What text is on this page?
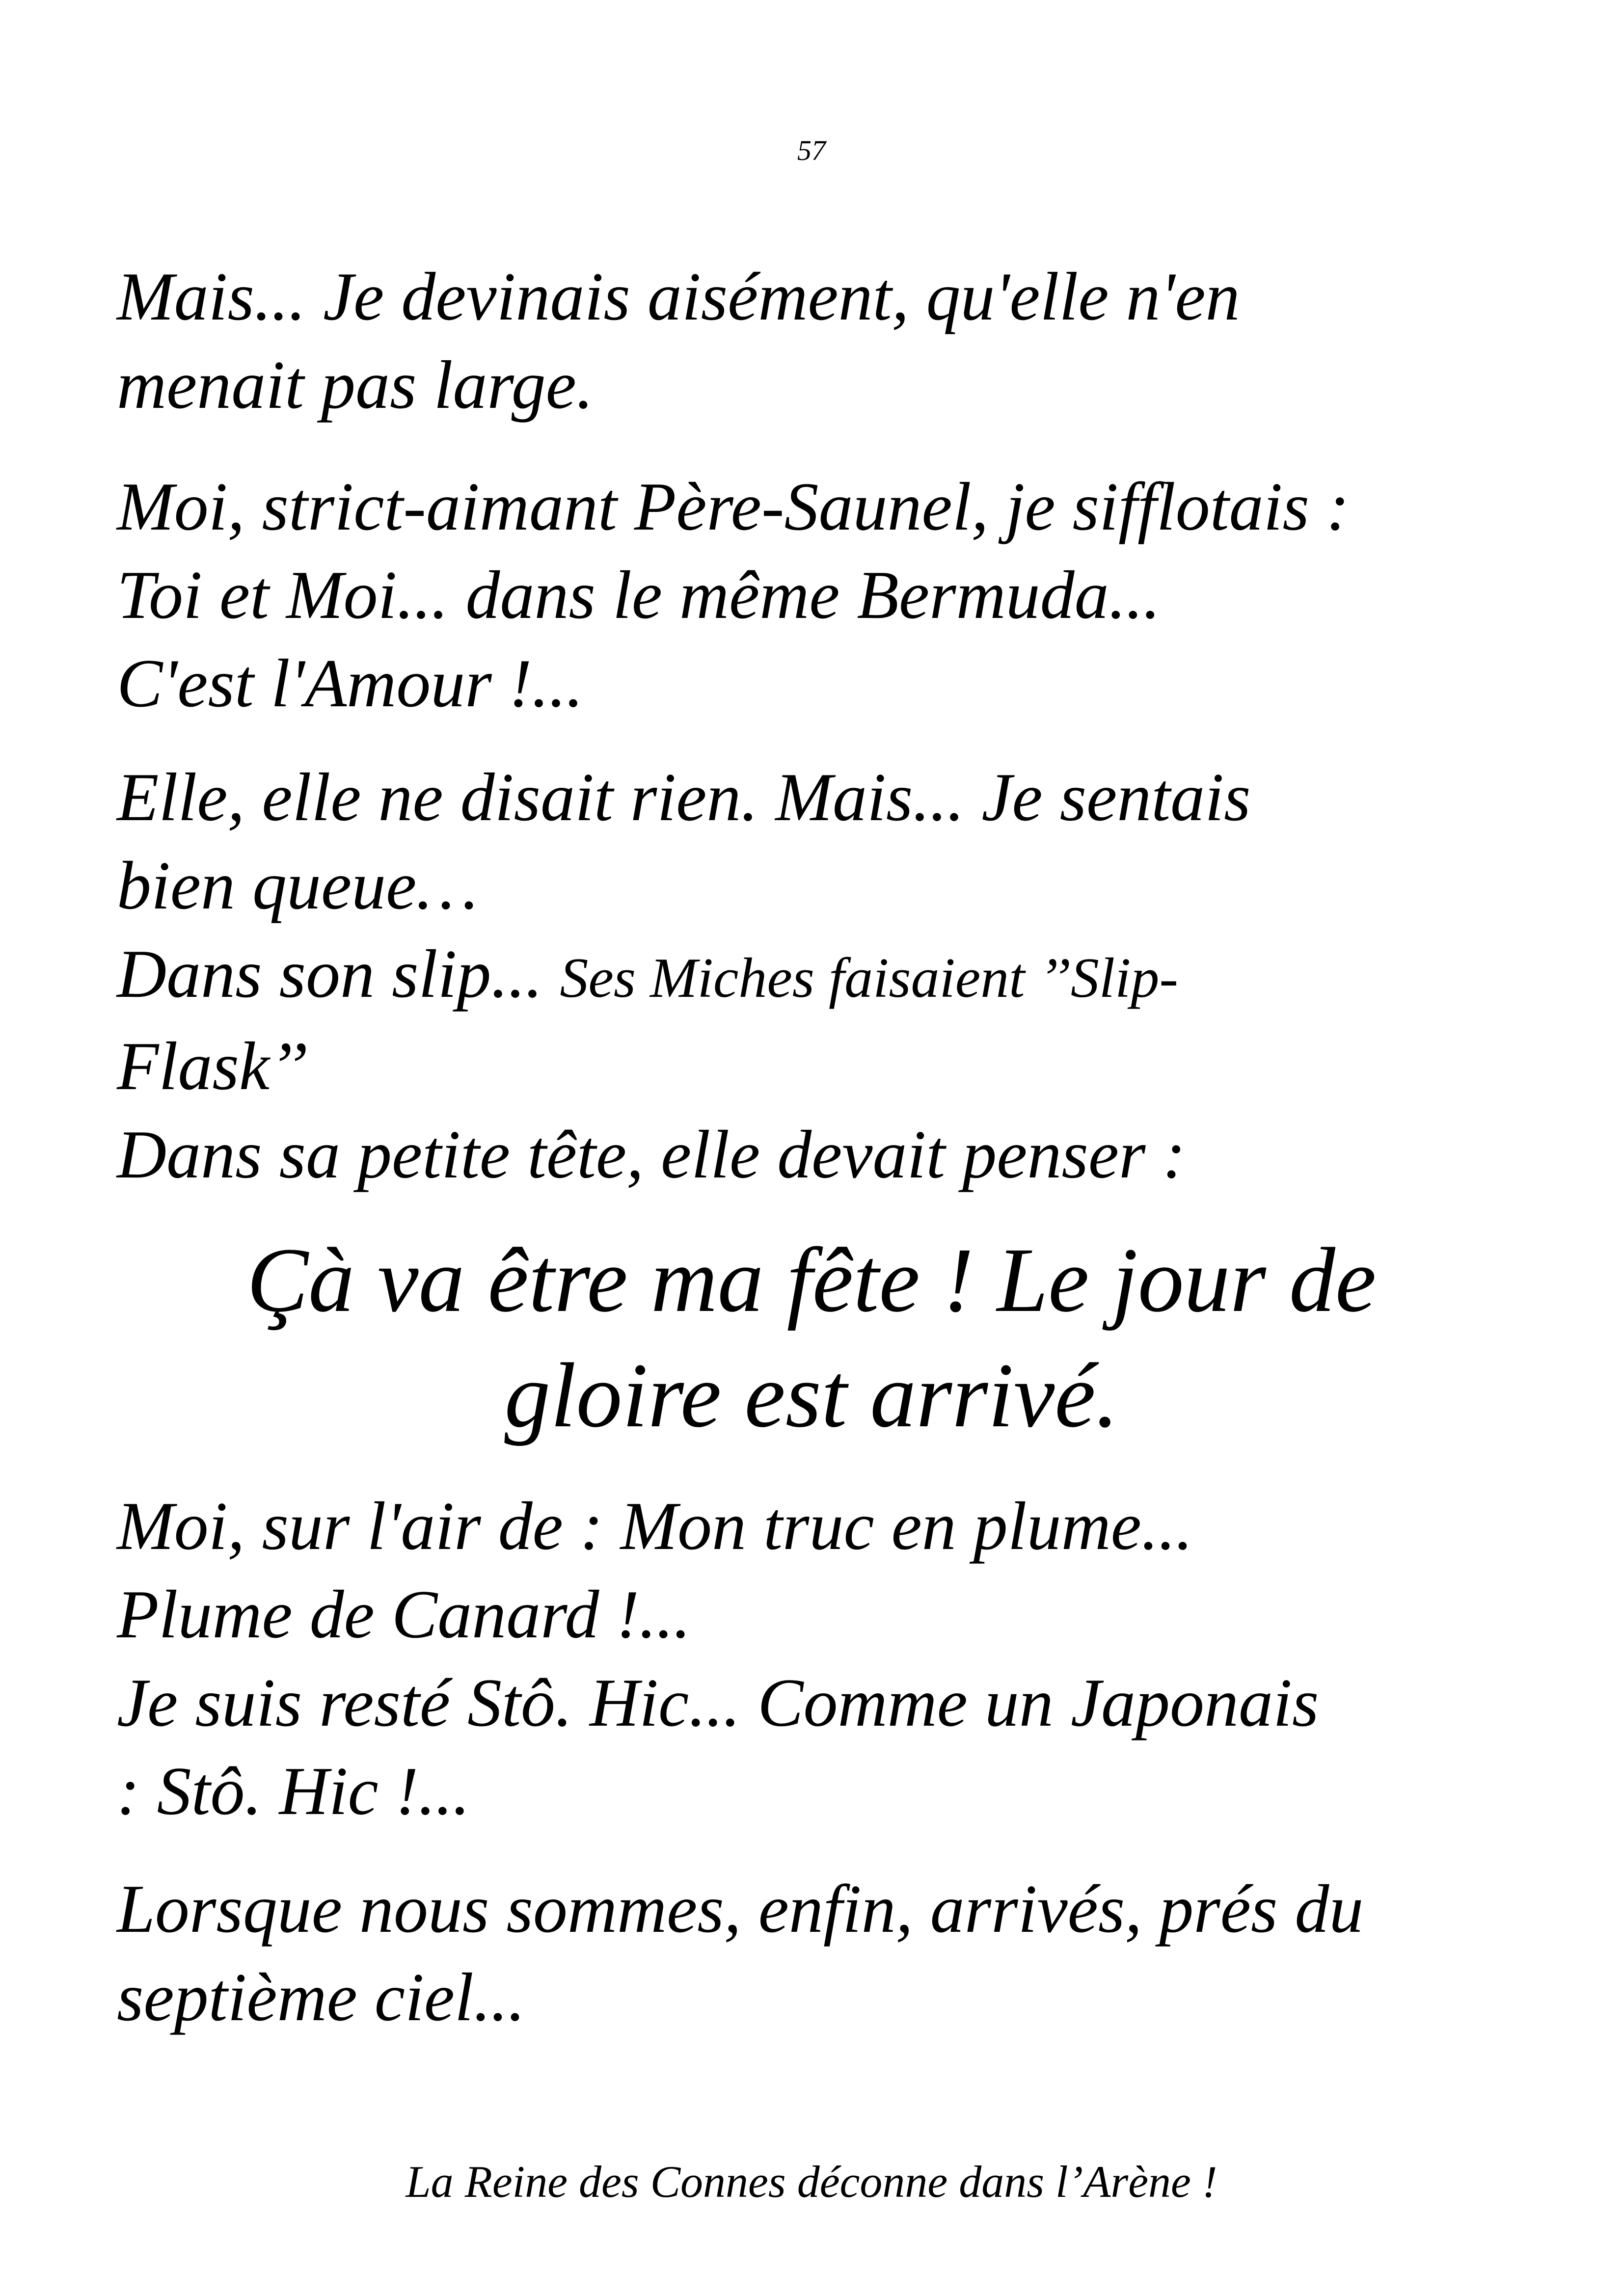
57
Mais... Je devinais aisément, qu'elle n'en
menait pas large.
Moi, strict-aimant Père-Saunel, je sifflotais :
Toi et Moi... dans le même Bermuda...
C'est l'Amour !...
Elle, elle ne disait rien. Mais... Je sentais
bien queue…
Dans son slip... Ses Miches faisaient ’’Slip-
Flask’’
Dans sa petite tête, elle devait penser :
Çà va être ma fête ! Le jour de
gloire est arrivé.
Moi, sur l'air de : Mon truc en plume...
Plume de Canard !...
Je suis resté Stô. Hic... Comme un Japonais
: Stô. Hic !...
Lorsque nous sommes, enfin, arrivés, prés du
septième ciel...
La Reine des Connes déconne dans l’Arène !
